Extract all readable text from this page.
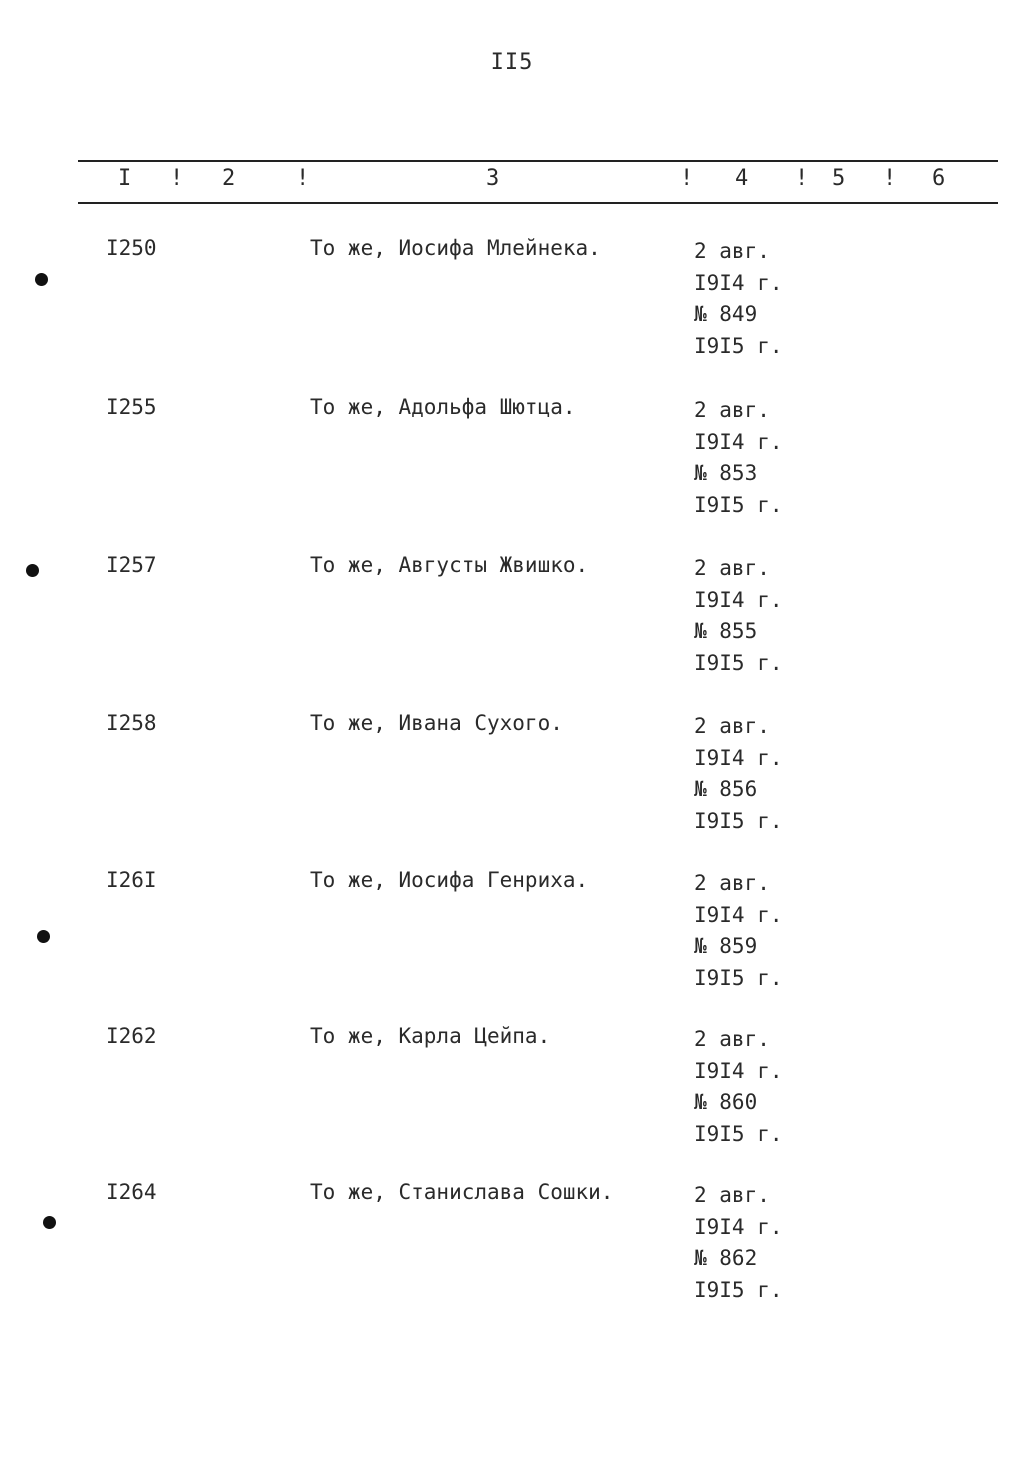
II5
I ! 2	!	3	! 4 ! 5 ! 6
I250	То же, Иосифа Млейнека.	2 авг.
I9I4 г.
№ 849
I9I5 г.
I255	То же, Адольфа Шютца.	2 авг.
I9I4 г.
№ 853
I9I5 г.
I257	То же, Августы Жвишко.	2 авг.
I9I4 г.
№ 855
I9I5 г.
I258	То же, Ивана Сухого.	2 авг.
I9I4 г.
№ 856
I9I5 г.
I26I	То же, Иосифа Генриха.	2 авг.
I9I4 г.
№ 859
I9I5 г.
I262	То же, Карла Цейпа.	2 авг.
I9I4 г.
№ 860
I9I5 г.
I264	То же, Станислава Сошки.	2 авг.
I9I4 г.
№ 862
I9I5 г.
